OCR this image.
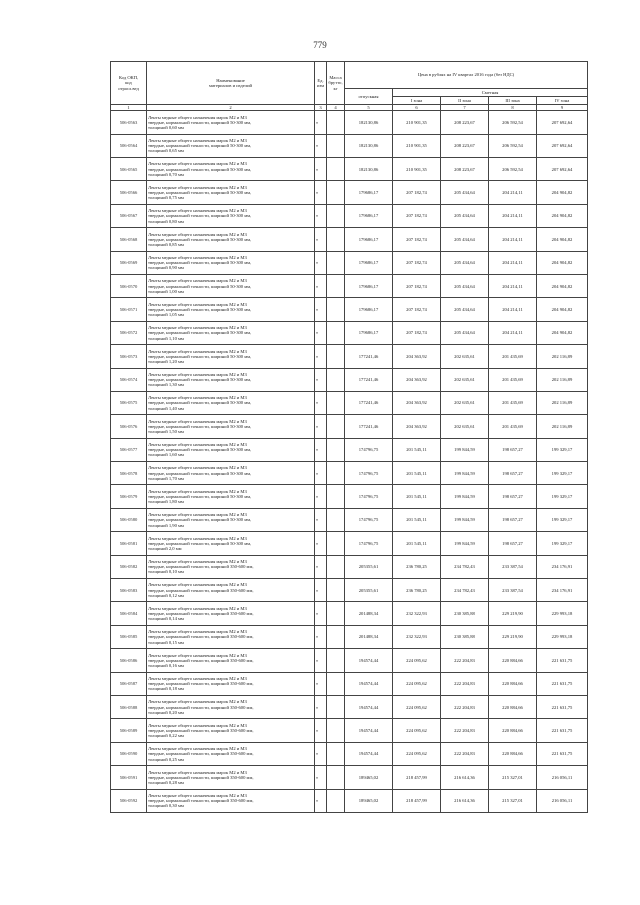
779
Код ОКП,
код
отрасл.вед	Наименование
материалов и изделий	Ед.
изм	Масса
брутто,
кг	Цена в рублях на IV квартал 2016 года (без НДС)				
				отпускная	Сметная			
					I зона	II зона	III зона	IV зона
1	2	3	4	5	6	7	8	9
506-0563	Ленты медные общего назначения марок М2 и М3
твердые, нормальной точности, шириной 50-300 мм,
толщиной 0,60 мм	т		182130,86	210 901,35	208 223,67	206 592,54	207 692,64
506-0564	Ленты медные общего назначения марок М2 и М3
твердые, нормальной точности, шириной 50-300 мм,
толщиной 0,65 мм	т		182130,86	210 901,35	208 223,67	206 592,54	207 692,64
506-0565	Ленты медные общего назначения марок М2 и М3
твердые, нормальной точности, шириной 50-300 мм,
толщиной 0,70 мм	т		182130,86	210 901,35	208 223,67	206 592,54	207 692,64
506-0566	Ленты медные общего назначения марок М2 и М3
твердые, нормальной точности, шириной 50-300 мм,
толщиной 0,75 мм	т		179686,17	207 182,74	205 434,64	204 214,11	204 904,82
506-0567	Ленты медные общего назначения марок М2 и М3
твердые, нормальной точности, шириной 50-300 мм,
толщиной 0,80 мм	т		179686,17	207 182,74	205 434,64	204 214,11	204 904,82
506-0568	Ленты медные общего назначения марок М2 и М3
твердые, нормальной точности, шириной 50-300 мм,
толщиной 0,85 мм	т		179686,17	207 182,74	205 434,64	204 214,11	204 904,82
506-0569	Ленты медные общего назначения марок М2 и М3
твердые, нормальной точности, шириной 50-300 мм,
толщиной 0,90 мм	т		179686,17	207 182,74	205 434,64	204 214,11	204 904,82
506-0570	Ленты медные общего назначения марок М2 и М3
твердые, нормальной точности, шириной 50-300 мм,
толщиной 1,00 мм	т		179686,17	207 182,74	205 434,64	204 214,11	204 904,82
506-0571	Ленты медные общего назначения марок М2 и М3
твердые, нормальной точности, шириной 50-300 мм,
толщиной 1,05 мм	т		179686,17	207 182,74	205 434,64	204 214,11	204 904,82
506-0572	Ленты медные общего назначения марок М2 и М3
твердые, нормальной точности, шириной 50-300 мм,
толщиной 1,10 мм	т		179686,17	207 182,74	205 434,64	204 214,11	204 904,82
506-0573	Ленты медные общего назначения марок М2 и М3
твердые, нормальной точности, шириной 50-300 мм,
толщиной 1,20 мм	т		177241,46	204 363,92	202 635,61	201 435,69	202 116,89
506-0574	Ленты медные общего назначения марок М2 и М3
твердые, нормальной точности, шириной 50-300 мм,
толщиной 1,30 мм	т		177241,46	204 363,92	202 635,61	201 435,69	202 116,89
506-0575	Ленты медные общего назначения марок М2 и М3
твердые, нормальной точности, шириной 50-300 мм,
толщиной 1,40 мм	т		177241,46	204 363,92	202 635,61	201 435,69	202 116,89
506-0576	Ленты медные общего назначения марок М2 и М3
твердые, нормальной точности, шириной 50-300 мм,
толщиной 1,50 мм	т		177241,46	204 363,92	202 635,61	201 435,69	202 116,89
506-0577	Ленты медные общего назначения марок М2 и М3
твердые, нормальной точности, шириной 50-300 мм,
толщиной 1,60 мм	т		174796,75	201 545,11	199 844,59	198 657,27	199 329,17
506-0578	Ленты медные общего назначения марок М2 и М3
твердые, нормальной точности, шириной 50-300 мм,
толщиной 1,70 мм	т		174796,75	201 545,11	199 844,59	198 657,27	199 329,17
506-0579	Ленты медные общего назначения марок М2 и М3
твердые, нормальной точности, шириной 50-300 мм,
толщиной 1,80 мм	т		174796,75	201 545,11	199 844,59	198 657,27	199 329,17
506-0580	Ленты медные общего назначения марок М2 и М3
твердые, нормальной точности, шириной 50-300 мм,
толщиной 1,90 мм	т		174796,75	201 545,11	199 844,59	198 657,27	199 329,17
506-0581	Ленты медные общего назначения марок М2 и М3
твердые, нормальной точности, шириной 50-300 мм,
толщиной 2,0 мм	т		174796,75	201 545,11	199 844,59	198 657,27	199 329,17
506-0582	Ленты медные общего назначения марок М2 и М3
твердые, нормальной точности, шириной 350-600 мм,
толщиной 0,10 мм	т		205355,61	236 780,25	234 782,43	233 387,54	234 176,91
506-0583	Ленты медные общего назначения марок М2 и М3
твердые, нормальной точности, шириной 350-600 мм,
толщиной 0,12 мм	т		205355,61	236 780,25	234 782,43	233 387,54	234 176,91
506-0584	Ленты медные общего назначения марок М2 и М3
твердые, нормальной точности, шириной 350-600 мм,
толщиной 0,14 мм	т		201488,34	232 322,93	230 385,88	229 219,90	229 993,18
506-0585	Ленты медные общего назначения марок М2 и М3
твердые, нормальной точности, шириной 350-600 мм,
толщиной 0,15 мм	т		201488,34	232 322,93	230 385,88	229 219,90	229 993,18
506-0586	Ленты медные общего назначения марок М2 и М3
твердые, нормальной точности, шириной 350-600 мм,
толщиной 0,16 мм	т		194574,44	224 095,62	222 204,83	220 884,66	221 631,75
506-0587	Ленты медные общего назначения марок М2 и М3
твердые, нормальной точности, шириной 350-600 мм,
толщиной 0,18 мм	т		194574,44	224 095,62	222 204,83	220 884,66	221 631,75
506-0588	Ленты медные общего назначения марок М2 и М3
твердые, нормальной точности, шириной 350-600 мм,
толщиной 0,20 мм	т		194574,44	224 095,62	222 204,83	220 884,66	221 631,75
506-0589	Ленты медные общего назначения марок М2 и М3
твердые, нормальной точности, шириной 350-600 мм,
толщиной 0,22 мм	т		194574,44	224 095,62	222 204,83	220 884,66	221 631,75
506-0590	Ленты медные общего назначения марок М2 и М3
твердые, нормальной точности, шириной 350-600 мм,
толщиной 0,25 мм	т		194574,44	224 095,62	222 204,83	220 884,66	221 631,75
506-0591	Ленты медные общего назначения марок М2 и М3
твердые, нормальной точности, шириной 350-600 мм,
толщиной 0,28 мм	т		189465,02	218 457,99	216 614,36	215 327,01	216 056,11
506-0592	Ленты медные общего назначения марок М2 и М3
твердые, нормальной точности, шириной 350-600 мм,
толщиной 0,30 мм	т		189465,02	218 457,99	216 614,36	215 327,01	216 056,11
